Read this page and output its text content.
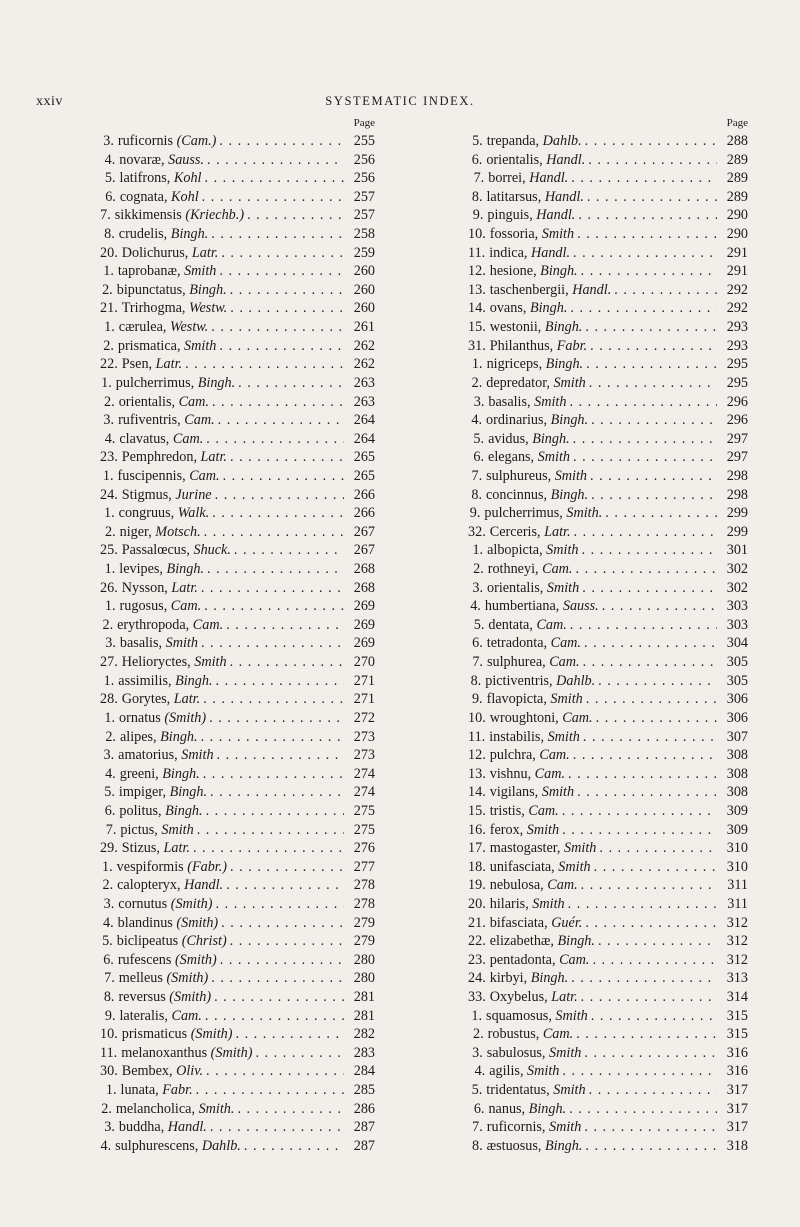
xxiv	SYSTEMATIC INDEX.
Page
3. ruficornis (Cam.) . . .	255
4. novaræ, Sauss. . . .	256
5. latifrons, Kohl . . .	256
6. cognata, Kohl . . .	257
7. sikkimensis (Kriechb.) . . .	257
8. crudelis, Bingh. . . .	258
20. Dolichurus, Latr. . . .	259
1. taprobanæ, Smith . . .	260
2. bipunctatus, Bingh. . . .	260
21. Trirhogma, Westw. . . .	260
1. cærulea, Westw. . . .	261
2. prismatica, Smith . . .	262
22. Psen, Latr. . . .	262
1. pulcherrimus, Bingh. . . .	263
2. orientalis, Cam. . . .	263
3. rufiventris, Cam. . . .	264
4. clavatus, Cam. . . .	264
23. Pemphredon, Latr. . . .	265
1. fuscipennis, Cam. . . .	265
24. Stigmus, Jurine . . .	266
1. congruus, Walk. . . .	266
2. niger, Motsch. . . .	267
25. Passalœcus, Shuck. . . .	267
1. levipes, Bingh. . . .	268
26. Nysson, Latr. . . .	268
1. rugosus, Cam. . . .	269
2. erythropoda, Cam. . . .	269
3. basalis, Smith . . .	269
27. Helioryctes, Smith . . .	270
1. assimilis, Bingh. . . .	271
28. Gorytes, Latr. . . .	271
1. ornatus (Smith) . . .	272
2. alipes, Bingh. . . .	273
3. amatorius, Smith . . .	273
4. greeni, Bingh. . . .	274
5. impiger, Bingh. . . .	274
6. politus, Bingh. . . .	275
7. pictus, Smith . . .	275
29. Stizus, Latr. . . .	276
1. vespiformis (Fabr.) . . .	277
2. calopteryx, Handl. . . .	278
3. cornutus (Smith) . . .	278
4. blandinus (Smith) . . .	279
5. biclipeatus (Christ) . . .	279
6. rufescens (Smith) . . .	280
7. melleus (Smith) . . .	280
8. reversus (Smith) . . .	281
9. lateralis, Cam. . . .	281
10. prismaticus (Smith) . . .	282
11. melanoxanthus (Smith) . . .	283
30. Bembex, Oliv. . . .	284
1. lunata, Fabr. . . .	285
2. melancholica, Smith. . . .	286
3. buddha, Handl. . . .	287
4. sulphurescens, Dahlb. . . .	287
Page
5. trepanda, Dahlb. . . .	288
6. orientalis, Handl. . . .	289
7. borrei, Handl. . . .	289
8. latitarsus, Handl. . . .	289
9. pinguis, Handl. . . .	290
10. fossoria, Smith . . .	290
11. indica, Handl. . . .	291
12. hesione, Bingh. . . .	291
13. taschenbergii, Handl. . . .	292
14. ovans, Bingh. . . .	292
15. westonii, Bingh. . . .	293
31. Philanthus, Fabr. . . .	293
1. nigriceps, Bingh. . . .	295
2. depredator, Smith . . .	295
3. basalis, Smith . . .	296
4. ordinarius, Bingh. . . .	296
5. avidus, Bingh. . . .	297
6. elegans, Smith . . .	297
7. sulphureus, Smith . . .	298
8. concinnus, Bingh. . . .	298
9. pulcherrimus, Smith. . . .	299
32. Cerceris, Latr. . . .	299
1. albopicta, Smith . . .	301
2. rothneyi, Cam. . . .	302
3. orientalis, Smith . . .	302
4. humbertiana, Sauss. . . .	303
5. dentata, Cam. . . .	303
6. tetradonta, Cam. . . .	304
7. sulphurea, Cam. . . .	305
8. pictiventris, Dahlb. . . .	305
9. flavopicta, Smith . . .	306
10. wroughtoni, Cam. . . .	306
11. instabilis, Smith . . .	307
12. pulchra, Cam. . . .	308
13. vishnu, Cam. . . .	308
14. vigilans, Smith . . .	308
15. tristis, Cam. . . .	309
16. ferox, Smith . . .	309
17. mastogaster, Smith . . .	310
18. unifasciata, Smith . . .	310
19. nebulosa, Cam. . . .	311
20. hilaris, Smith . . .	311
21. bifasciata, Guér. . . .	312
22. elizabethæ, Bingh. . . .	312
23. pentadonta, Cam. . . .	312
24. kirbyi, Bingh. . . .	313
33. Oxybelus, Latr. . . .	314
1. squamosus, Smith . . .	315
2. robustus, Cam. . . .	315
3. sabulosus, Smith . . .	316
4. agilis, Smith . . .	316
5. tridentatus, Smith . . .	317
6. nanus, Bingh. . . .	317
7. ruficornis, Smith . . .	317
8. æstuosus, Bingh. . . .	318
